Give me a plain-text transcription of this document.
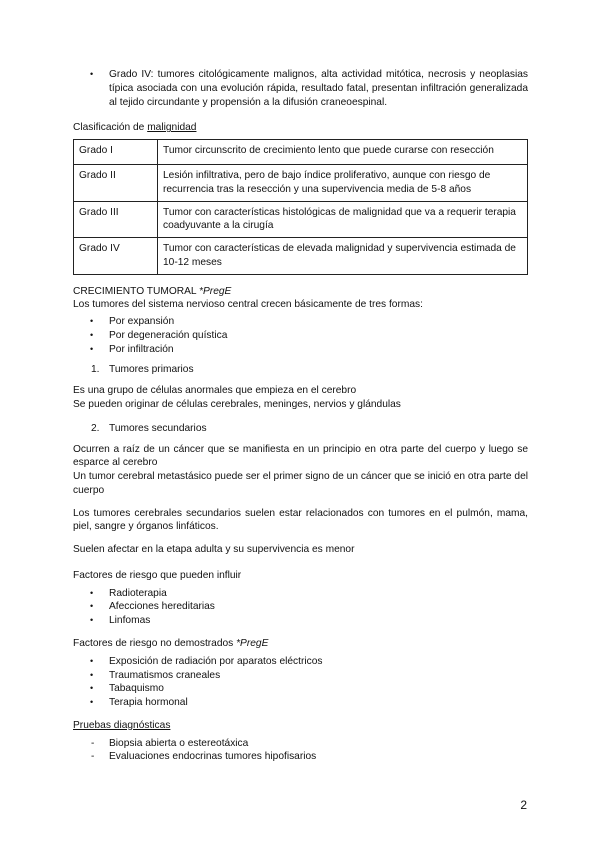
• Grado IV: tumores citológicamente malignos, alta actividad mitótica, necrosis y neoplasias típica asociada con una evolución rápida, resultado fatal, presentan infiltración generalizada al tejido circundante y propensión a la difusión craneoespinal.

Clasificación de malignidad

Grado I	Tumor circunscrito de crecimiento lento que puede curarse con resección
Grado II	Lesión infiltrativa, pero de bajo índice proliferativo, aunque con riesgo de recurrencia tras la resección y una supervivencia media de 5-8 años
Grado III	Tumor con características histológicas de malignidad que va a requerir terapia coadyuvante a la cirugía
Grado IV	Tumor con características de elevada malignidad y supervivencia estimada de 10-12 meses

CRECIMIENTO TUMORAL *PregE

Los tumores del sistema nervioso central crecen básicamente de tres formas:

• Por expansión
• Por degeneración quística
• Por infiltración
1. Tumores primarios

Es una grupo de células anormales que empieza en el cerebro

Se pueden originar de células cerebrales, meninges, nervios y glándulas

2. Tumores secundarios

Ocurren a raíz de un cáncer que se manifiesta en un principio en otra parte del cuerpo y luego se esparce al cerebro

Un tumor cerebral metastásico puede ser el primer signo de un cáncer que se inició en otra parte del cuerpo

Los tumores cerebrales secundarios suelen estar relacionados con tumores en el pulmón, mama, piel, sangre y órganos linfáticos.

Suelen afectar en la etapa adulta y su supervivencia es menor

Factores de riesgo que pueden influir

• Radioterapia
• Afecciones hereditarias
• Linfomas

Factores de riesgo no demostrados *PregE

• Exposición de radiación por aparatos eléctricos
• Traumatismos craneales
• Tabaquismo
• Terapia hormonal

Pruebas diagnósticas

- Biopsia abierta o estereotáxica
- Evaluaciones endocrinas tumores hipofisarios
2
